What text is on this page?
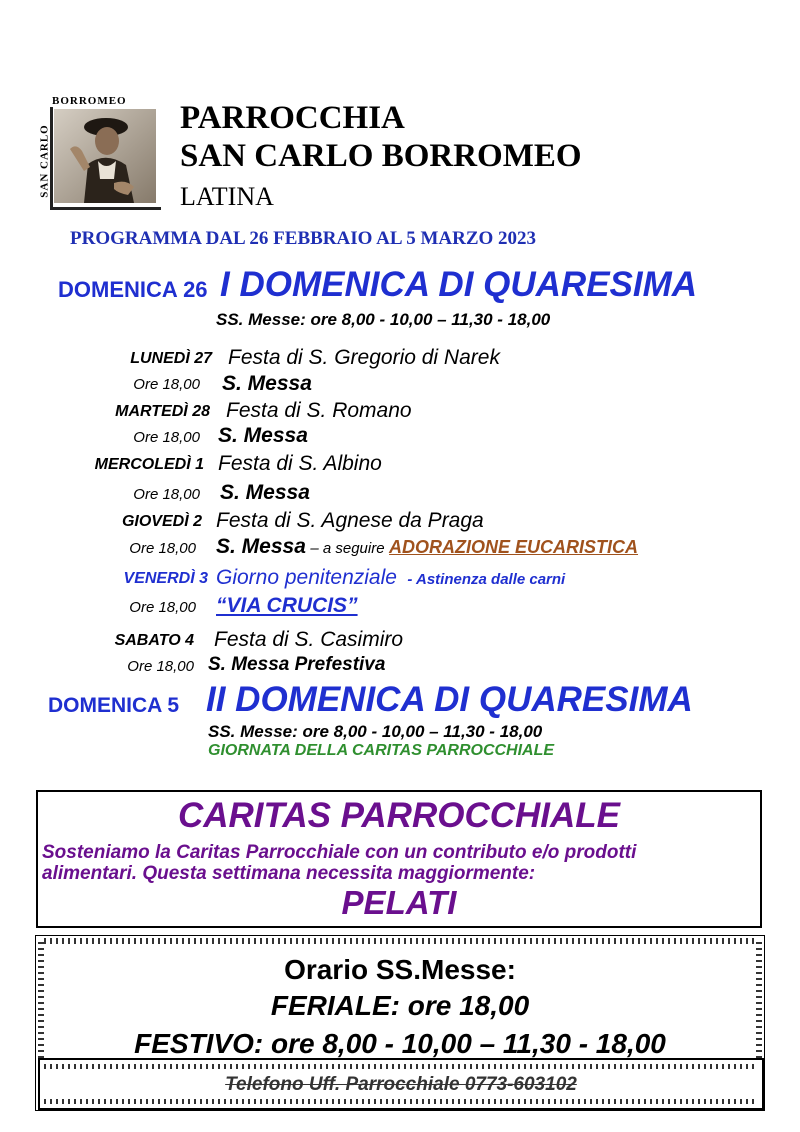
BORROMEO
SAN CARLO
PARROCCHIA
SAN CARLO BORROMEO
LATINA
PROGRAMMA DAL 26 FEBBRAIO AL 5 MARZO 2023
DOMENICA 26 I DOMENICA DI QUARESIMA
SS. Messe: ore 8,00 - 10,00 – 11,30 - 18,00
LUNEDÌ 27 Festa di S. Gregorio di Narek
Ore 18,00 S. Messa
MARTEDÌ 28 Festa di S. Romano
Ore 18,00 S. Messa
MERCOLEDÌ 1 Festa di S. Albino
Ore 18,00 S. Messa
GIOVEDÌ 2 Festa di S. Agnese da Praga
Ore 18,00 S. Messa – a seguire ADORAZIONE EUCARISTICA
VENERDÌ 3 Giorno penitenziale - Astinenza dalle carni
Ore 18,00 “VIA CRUCIS”
SABATO 4 Festa di S. Casimiro
Ore 18,00 S. Messa Prefestiva
DOMENICA 5 II DOMENICA DI QUARESIMA
SS. Messe: ore 8,00 - 10,00 – 11,30 - 18,00
GIORNATA DELLA CARITAS PARROCCHIALE
CARITAS PARROCCHIALE
Sosteniamo la Caritas Parrocchiale con un contributo e/o prodotti
alimentari. Questa settimana necessita maggiormente:
PELATI
Orario SS.Messe:
FERIALE: ore 18,00
FESTIVO: ore 8,00 - 10,00 – 11,30 - 18,00
Telefono Uff. Parrocchiale 0773-603102
